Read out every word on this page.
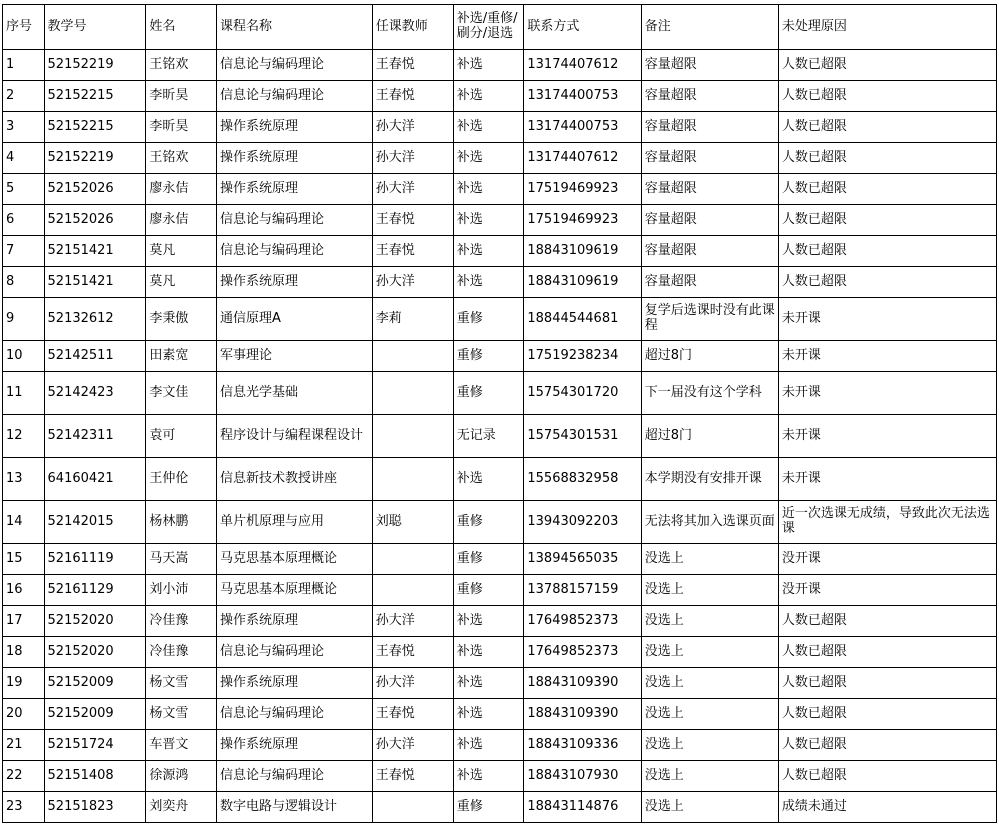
序号	教学号	姓名	课程名称	任课教师	补选/重修/刷分/退选	联系方式	备注	未处理原因
1	52152219	王铭欢	信息论与编码理论	王春悦	补选	13174407612	容量超限	人数已超限
2	52152215	李昕昊	信息论与编码理论	王春悦	补选	13174400753	容量超限	人数已超限
3	52152215	李昕昊	操作系统原理	孙大洋	补选	13174400753	容量超限	人数已超限
4	52152219	王铭欢	操作系统原理	孙大洋	补选	13174407612	容量超限	人数已超限
5	52152026	廖永佶	操作系统原理	孙大洋	补选	17519469923	容量超限	人数已超限
6	52152026	廖永佶	信息论与编码理论	王春悦	补选	17519469923	容量超限	人数已超限
7	52151421	莫凡	信息论与编码理论	王春悦	补选	18843109619	容量超限	人数已超限
8	52151421	莫凡	操作系统原理	孙大洋	补选	18843109619	容量超限	人数已超限
9	52132612	李秉傲	通信原理A	李莉	重修	18844544681	复学后选课时没有此课程	未开课
10	52142511	田素宽	军事理论		重修	17519238234	超过8门	未开课
11	52142423	李文佳	信息光学基础		重修	15754301720	下一届没有这个学科	未开课
12	52142311	袁可	程序设计与编程课程设计		无记录	15754301531	超过8门	未开课
13	64160421	王仲伦	信息新技术教授讲座		补选	15568832958	本学期没有安排开课	未开课
14	52142015	杨林鹏	单片机原理与应用	刘聪	重修	13943092203	无法将其加入选课页面	近一次选课无成绩，导致此次无法选课
15	52161119	马天嵩	马克思基本原理概论		重修	13894565035	没选上	没开课
16	52161129	刘小沛	马克思基本原理概论		重修	13788157159	没选上	没开课
17	52152020	冷佳豫	操作系统原理	孙大洋	补选	17649852373	没选上	人数已超限
18	52152020	冷佳豫	信息论与编码理论	王春悦	补选	17649852373	没选上	人数已超限
19	52152009	杨文雪	操作系统原理	孙大洋	补选	18843109390	没选上	人数已超限
20	52152009	杨文雪	信息论与编码理论	王春悦	补选	18843109390	没选上	人数已超限
21	52151724	车晋文	操作系统原理	孙大洋	补选	18843109336	没选上	人数已超限
22	52151408	徐源鸿	信息论与编码理论	王春悦	补选	18843107930	没选上	人数已超限
23	52151823	刘奕舟	数字电路与逻辑设计		重修	18843114876	没选上	成绩未通过
